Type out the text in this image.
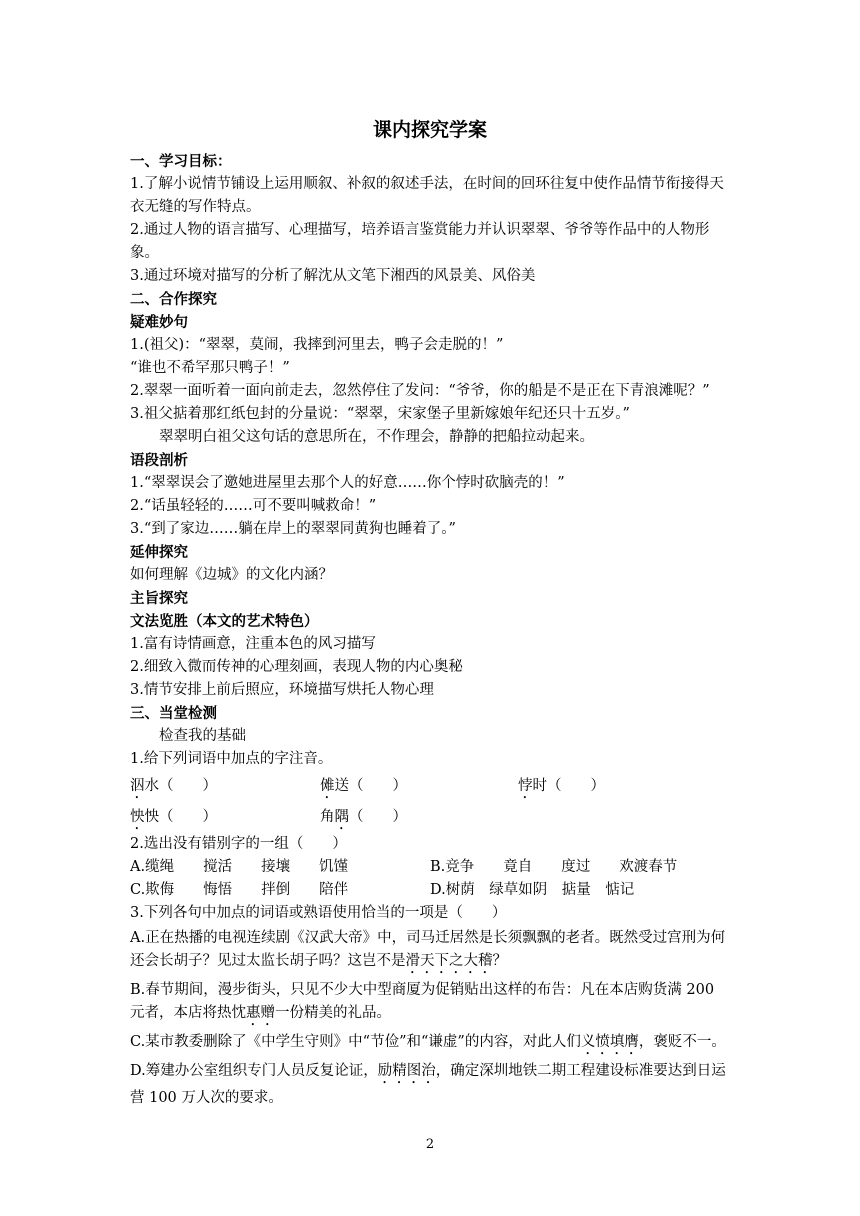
课内探究学案
一、学习目标：
1.了解小说情节铺设上运用顺叙、补叙的叙述手法，在时间的回环往复中使作品情节衔接得天衣无缝的写作特点。
2.通过人物的语言描写、心理描写，培养语言鉴赏能力并认识翠翠、爷爷等作品中的人物形象。
3.通过环境对描写的分析了解沈从文笔下湘西的风景美、风俗美
二、合作探究
疑难妙句
1.(祖父)：“翠翠，莫闹，我摔到河里去，鸭子会走脱的！”
“谁也不希罕那只鸭子！”
2.翠翠一面听着一面向前走去，忽然停住了发问：“爷爷，你的船是不是正在下青浪滩呢？”
3.祖父掂着那红纸包封的分量说：“翠翠，宋家堡子里新嫁娘年纪还只十五岁。”
翠翠明白祖父这句话的意思所在，不作理会，静静的把船拉动起来。
语段剖析
1.“翠翠误会了邀她进屋里去那个人的好意……你个悖时砍脑壳的！”
2.“话虽轻轻的……可不要叫喊救命！”
3.“到了家边……躺在岸上的翠翠同黄狗也睡着了。”
延伸探究
如何理解《边城》的文化内涵？
主旨探究
文法览胜（本文的艺术特色）
1.富有诗情画意，注重本色的风习描写
2.细致入微而传神的心理刻画，表现人物的内心奥秘
3.情节安排上前后照应，环境描写烘托人物心理
三、当堂检测
检查我的基础
1.给下列词语中加点的字注音。
泅水（　　）	傩送（　　）	悖时（　　）
怏怏（　　）	角隅（　　）
2.选出没有错别字的一组（　　）
A.缆绳　　搅活　　接壤　　饥馑	B.竞争　　竟自　　度过　　欢渡春节
C.欺侮　　悔悟　　拌倒　　陪伴	D.树荫　绿草如阴　掂量　惦记
3.下列各句中加点的词语或熟语使用恰当的一项是（　　）
A.正在热播的电视连续剧《汉武大帝》中，司马迁居然是长须飘飘的老者。既然受过宫刑为何还会长胡子？见过太监长胡子吗？这岂不是滑天下之大稽？
B.春节期间，漫步街头，只见不少大中型商厦为促销贴出这样的布告：凡在本店购货满 200 元者，本店将热忱惠赠一份精美的礼品。
C.某市教委删除了《中学生守则》中“节俭”和“谦虚”的内容，对此人们义愤填膺，褒贬不一。
D.筹建办公室组织专门人员反复论证，励精图治，确定深圳地铁二期工程建设标准要达到日运营 100 万人次的要求。
2
